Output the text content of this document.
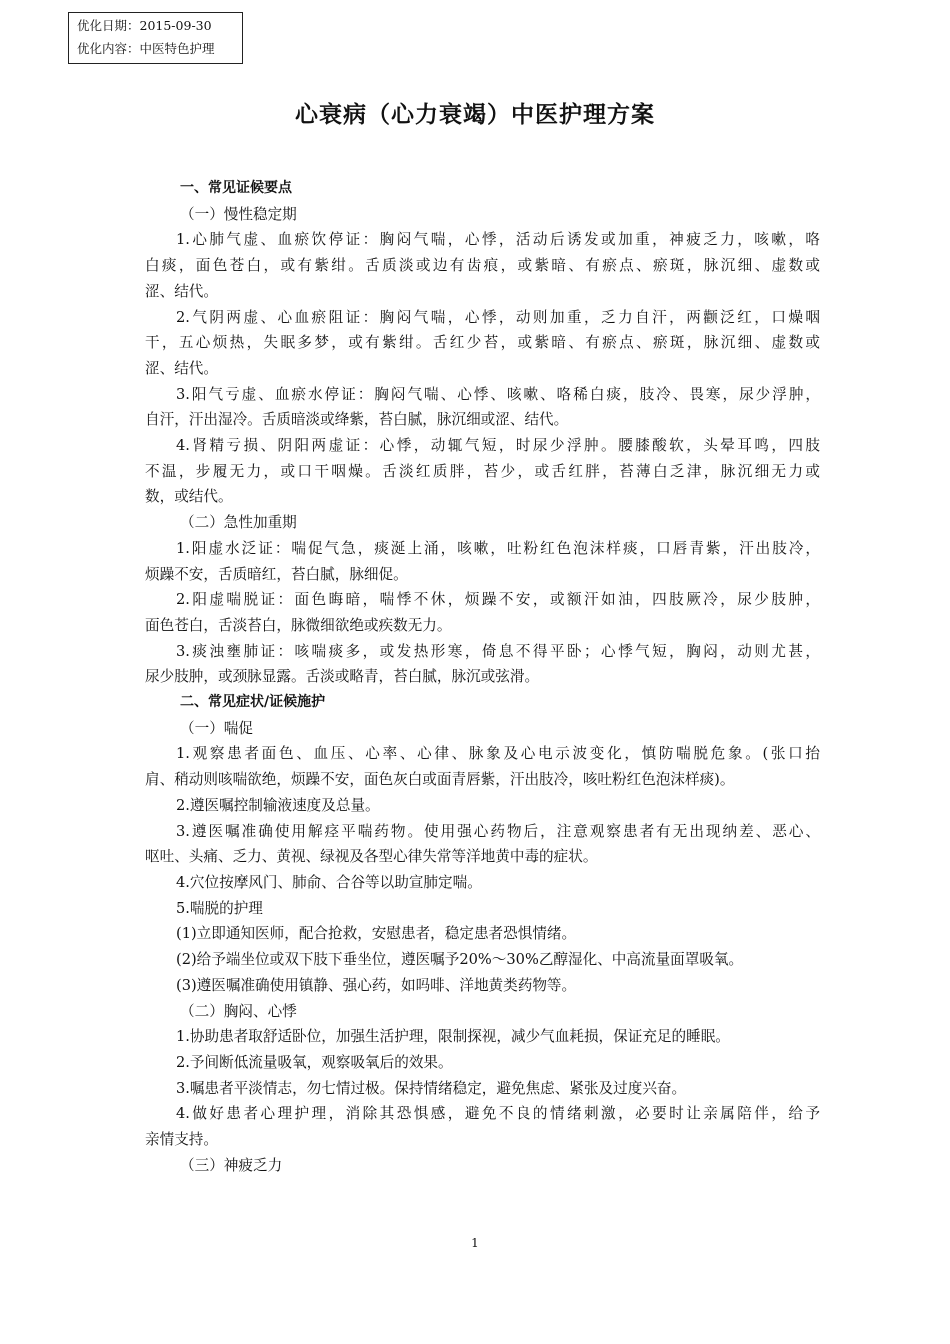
优化日期：2015-09-30
优化内容：中医特色护理
心衰病（心力衰竭）中医护理方案
一、常见证候要点
（一）慢性稳定期
1.心肺气虚、血瘀饮停证：胸闷气喘，心悸，活动后诱发或加重，神疲乏力，咳嗽，咯
白痰，面色苍白，或有紫绀。舌质淡或边有齿痕，或紫暗、有瘀点、瘀斑，脉沉细、虚数或
涩、结代。
2.气阴两虚、心血瘀阻证：胸闷气喘，心悸，动则加重，乏力自汗，两颧泛红，口燥咽
干，五心烦热，失眠多梦，或有紫绀。舌红少苔，或紫暗、有瘀点、瘀斑，脉沉细、虚数或
涩、结代。
3.阳气亏虚、血瘀水停证：胸闷气喘、心悸、咳嗽、咯稀白痰，肢冷、畏寒，尿少浮肿，
自汗，汗出湿冷。舌质暗淡或绛紫，苔白腻，脉沉细或涩、结代。
4.肾精亏损、阴阳两虚证：心悸，动辄气短，时尿少浮肿。腰膝酸软，头晕耳鸣，四肢
不温，步履无力，或口干咽燥。舌淡红质胖，苔少，或舌红胖，苔薄白乏津，脉沉细无力或
数，或结代。
（二）急性加重期
1.阳虚水泛证：喘促气急，痰涎上涌，咳嗽，吐粉红色泡沫样痰，口唇青紫，汗出肢冷，
烦躁不安，舌质暗红，苔白腻，脉细促。
2.阳虚喘脱证：面色晦暗，喘悸不休，烦躁不安，或额汗如油，四肢厥冷，尿少肢肿，
面色苍白，舌淡苔白，脉微细欲绝或疾数无力。
3.痰浊壅肺证：咳喘痰多，或发热形寒，倚息不得平卧；心悸气短，胸闷，动则尤甚，
尿少肢肿，或颈脉显露。舌淡或略青，苔白腻，脉沉或弦滑。
二、常见症状/证候施护
（一）喘促
1.观察患者面色、血压、心率、心律、脉象及心电示波变化，慎防喘脱危象。(张口抬
肩、稍动则咳喘欲绝，烦躁不安，面色灰白或面青唇紫，汗出肢冷，咳吐粉红色泡沫样痰)。
2.遵医嘱控制输液速度及总量。
3.遵医嘱准确使用解痉平喘药物。使用强心药物后，注意观察患者有无出现纳差、恶心、
呕吐、头痛、乏力、黄视、绿视及各型心律失常等洋地黄中毒的症状。
4.穴位按摩风门、肺俞、合谷等以助宣肺定喘。
5.喘脱的护理
(1)立即通知医师，配合抢救，安慰患者，稳定患者恐惧情绪。
(2)给予端坐位或双下肢下垂坐位，遵医嘱予20%～30%乙醇湿化、中高流量面罩吸氧。
(3)遵医嘱准确使用镇静、强心药，如吗啡、洋地黄类药物等。
（二）胸闷、心悸
1.协助患者取舒适卧位，加强生活护理，限制探视，减少气血耗损，保证充足的睡眠。
2.予间断低流量吸氧，观察吸氧后的效果。
3.嘱患者平淡情志，勿七情过极。保持情绪稳定，避免焦虑、紧张及过度兴奋。
4.做好患者心理护理，消除其恐惧感，避免不良的情绪刺激，必要时让亲属陪伴，给予
亲情支持。
（三）神疲乏力
1
